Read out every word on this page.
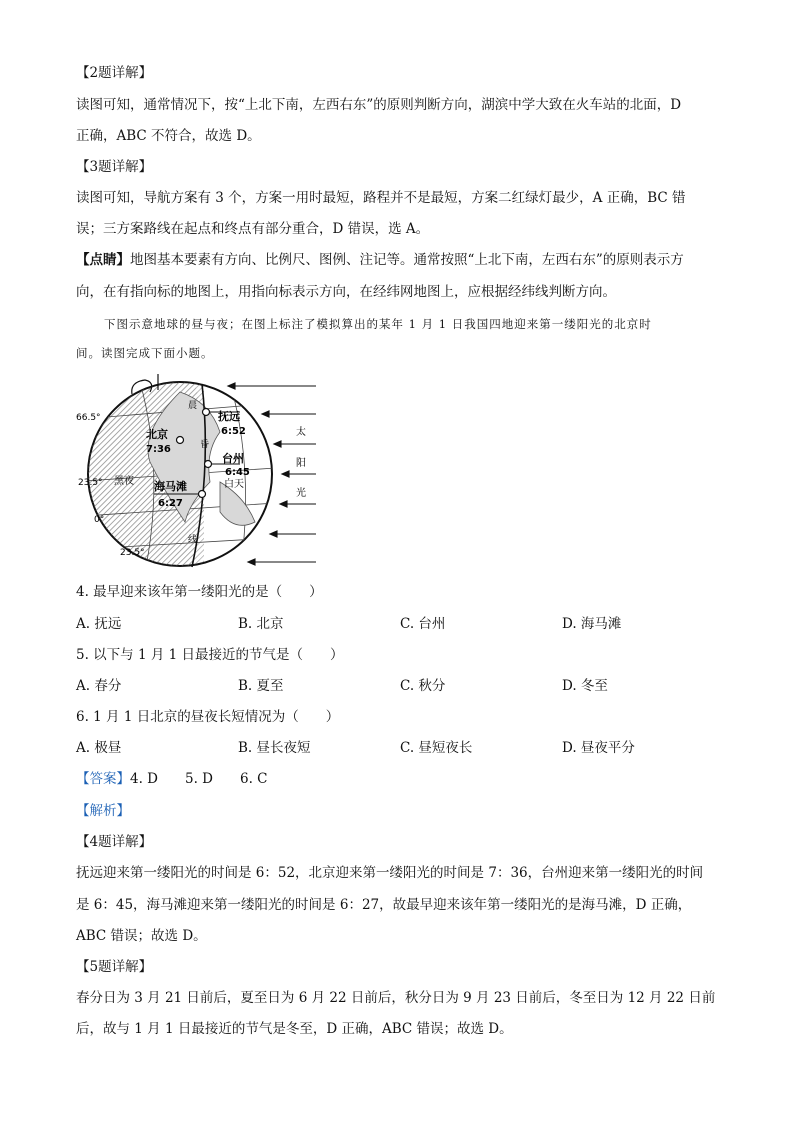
【2题详解】
读图可知，通常情况下，按“上北下南，左西右东”的原则判断方向，湖滨中学大致在火车站的北面，D
正确，ABC 不符合，故选 D。
【3题详解】
读图可知，导航方案有 3 个，方案一用时最短，路程并不是最短，方案二红绿灯最少，A 正确，BC 错
误；三方案路线在起点和终点有部分重合，D 错误，选 A。
【点睛】地图基本要素有方向、比例尺、图例、注记等。通常按照“上北下南，左西右东”的原则表示方
向，在有指向标的地图上，用指向标表示方向，在经纬网地图上，应根据经纬线判断方向。
下图示意地球的昼与夜；在图上标注了模拟算出的某年 1 月 1 日我国四地迎来第一缕阳光的北京时
间。读图完成下面小题。
66.5°
23.5°
0°
23.5°
黑夜	白天
晨
线
昏
抚远
6:52
北京
7:36
台州
6:45
海马滩
6:27
太
阳
光
4. 最早迎来该年第一缕阳光的是（　　）
A. 抚远	B. 北京	C. 台州	D. 海马滩
5. 以下与 1 月 1 日最接近的节气是（　　）
A. 春分	B. 夏至	C. 秋分	D. 冬至
6. 1 月 1 日北京的昼夜长短情况为（　　）
A. 极昼	B. 昼长夜短	C. 昼短夜长	D. 昼夜平分
【答案】4. D　　5. D　　6. C
【解析】
【4题详解】
抚远迎来第一缕阳光的时间是 6：52，北京迎来第一缕阳光的时间是 7：36，台州迎来第一缕阳光的时间
是 6：45，海马滩迎来第一缕阳光的时间是 6：27，故最早迎来该年第一缕阳光的是海马滩，D 正确，
ABC 错误；故选 D。
【5题详解】
春分日为 3 月 21 日前后，夏至日为 6 月 22 日前后，秋分日为 9 月 23 日前后，冬至日为 12 月 22 日前
后，故与 1 月 1 日最接近的节气是冬至，D 正确，ABC 错误；故选 D。
